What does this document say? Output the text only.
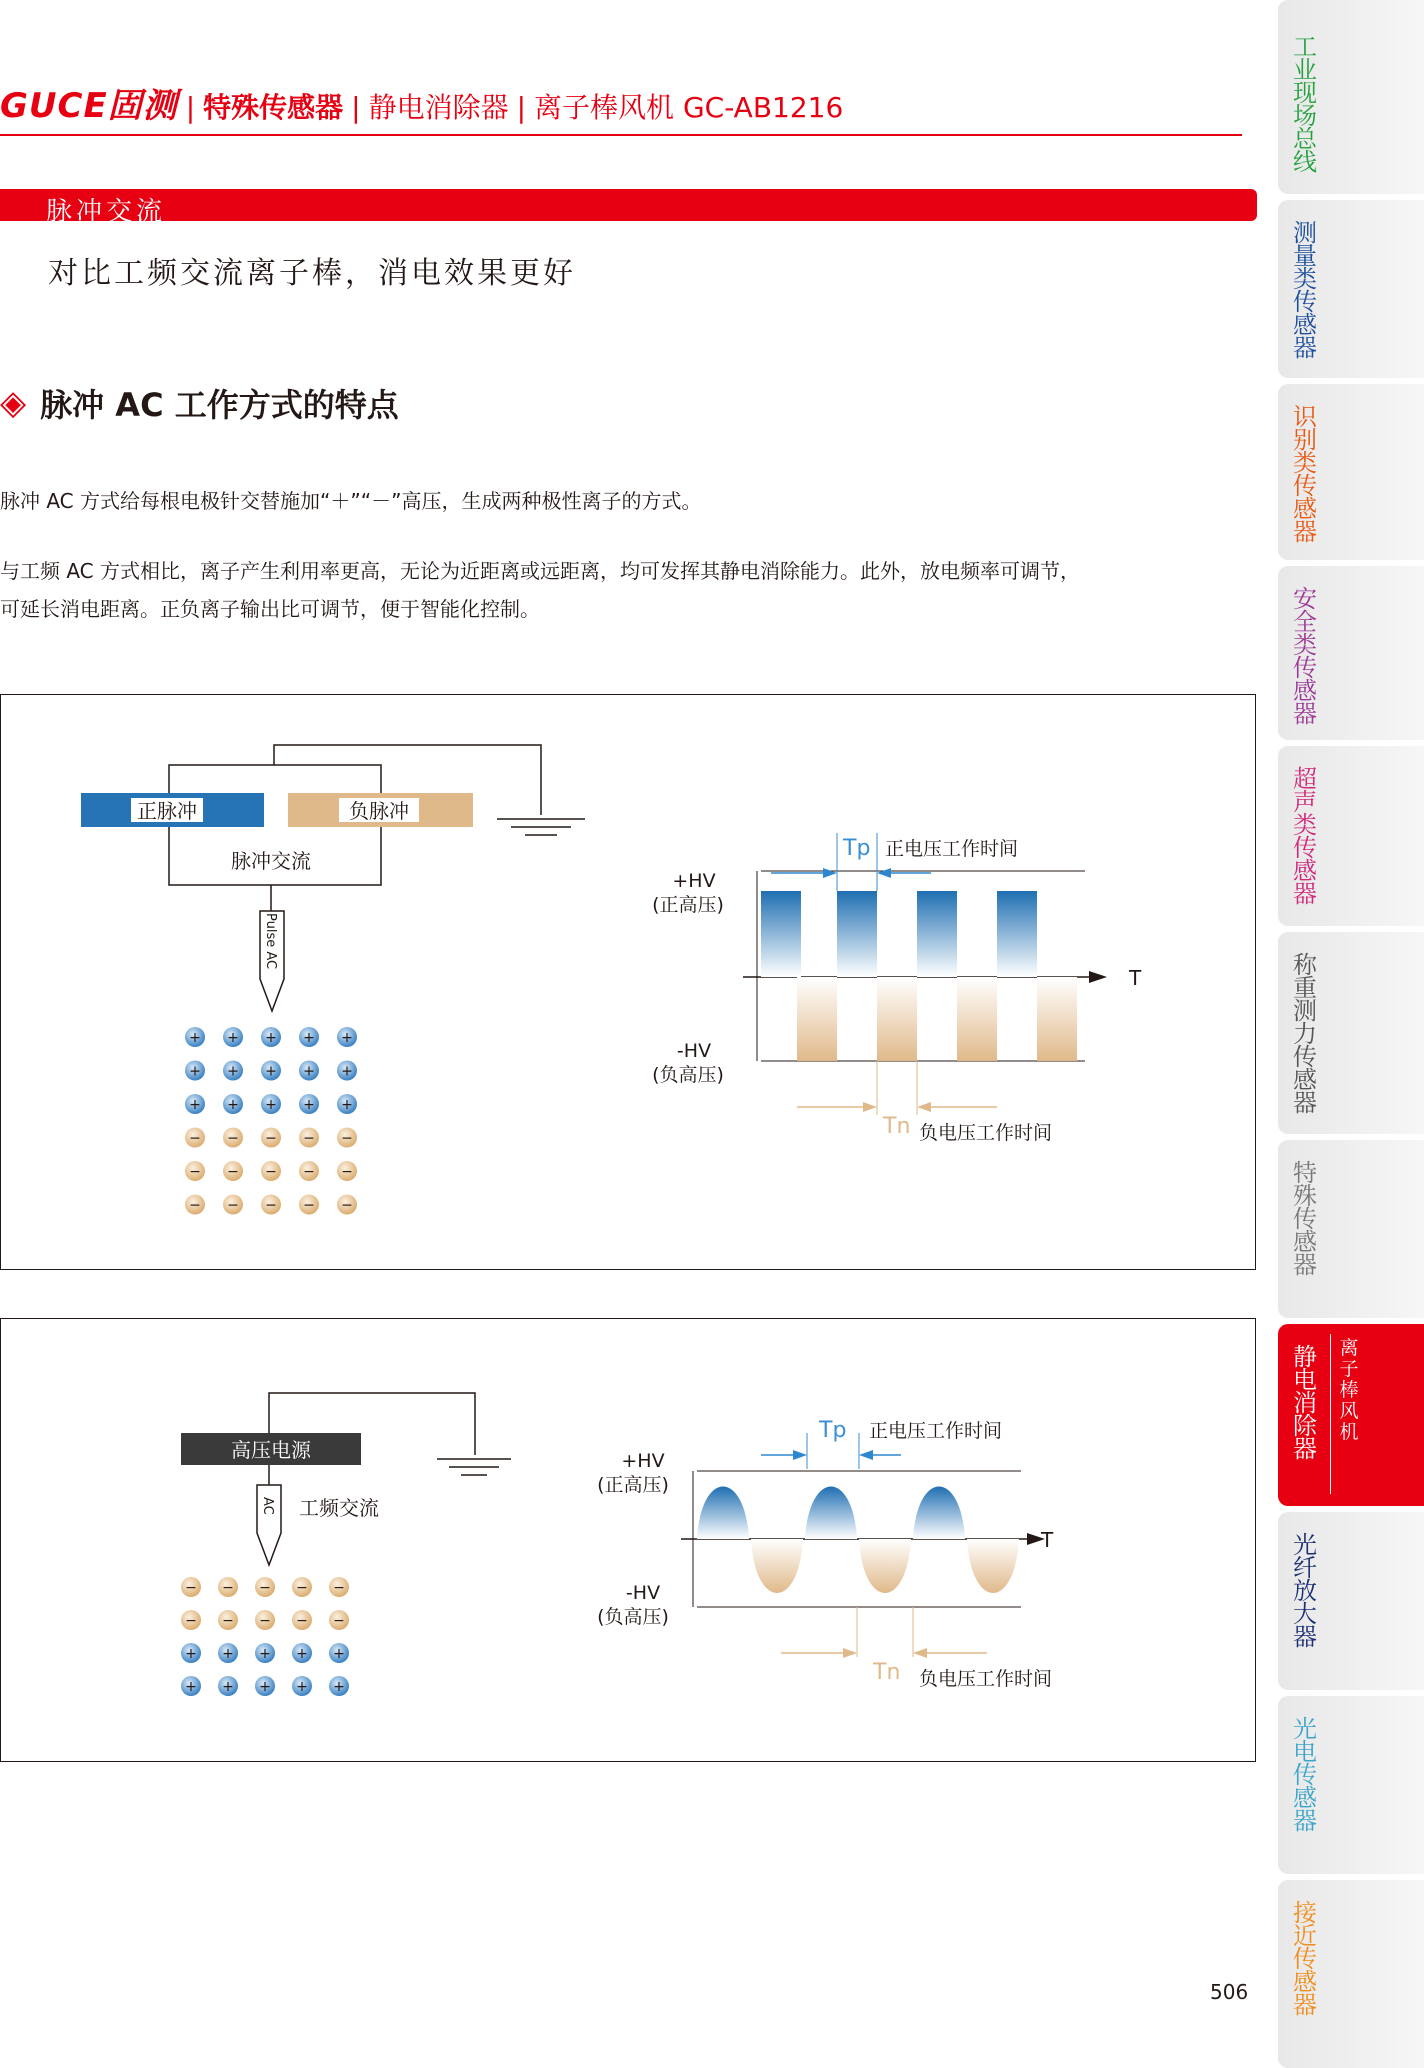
GUCE固测 | 特殊传感器 | 静电消除器 | 离子棒风机 GC-AB1216
脉冲交流
对比工频交流离子棒，消电效果更好
◈ 脉冲 AC 工作方式的特点
脉冲 AC 方式给每根电极针交替施加“＋”“－”高压，生成两种极性离子的方式。
与工频 AC 方式相比，离子产生利用率更高，无论为近距离或远距离，均可发挥其静电消除能力。此外，放电频率可调节，
可延长消电距离。正负离子输出比可调节，便于智能化控制。
正脉冲	负脉冲
脉冲交流
Pulse AC
+ + + + +
+ + + + +
+ + + + +
− − − − −
− − − − −
− − − − −
Tp 正电压工作时间
Tn 负电压工作时间
+HV
(正高压)
-HV
(负高压)
T
高压电源
AC 工频交流
− − − − −
− − − − −
+ + + + +
+ + + + +
Tp 正电压工作时间
Tn 负电压工作时间
+HV
(正高压)
-HV
(负高压)
T
工业现场总线
测量类传感器
识别类传感器
安全类传感器
超声类传感器
称重测力传感器
特殊传感器
静电消除器
离子棒风机
光纤放大器
光电传感器
接近传感器
506
